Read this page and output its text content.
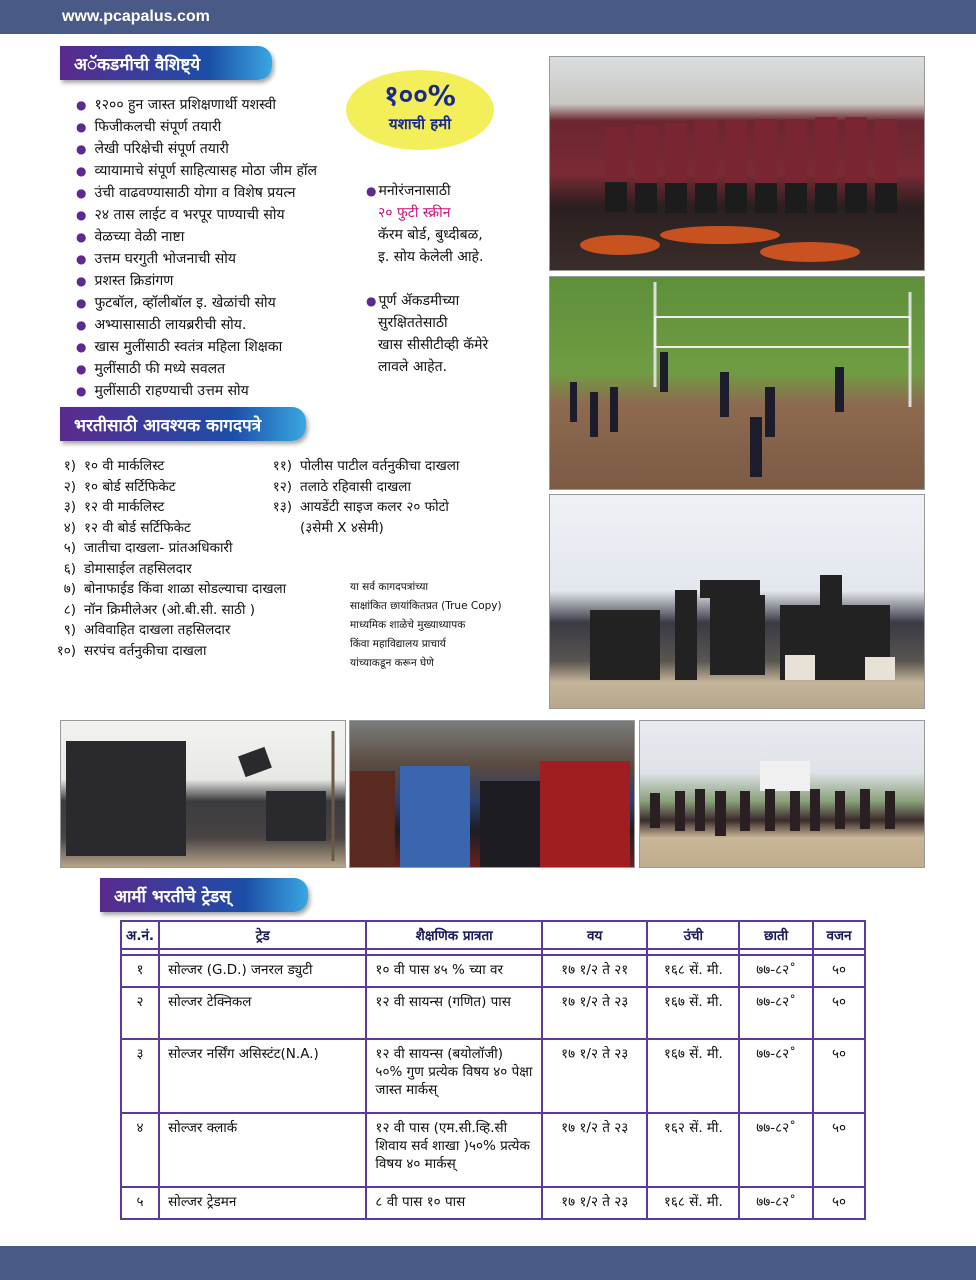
www.pcapalus.com
अॅकडमीची वैशिष्ट्ये
● १२०० हुन जास्त प्रशिक्षणार्थी यशस्वी
● फिजीकलची संपूर्ण तयारी
● लेखी परिक्षेची संपूर्ण तयारी
● व्यायामाचे संपूर्ण साहित्यासह मोठा जीम हॉल
● उंची वाढवण्यासाठी योगा व विशेष प्रयत्न
● २४ तास लाईट व भरपूर पाण्याची सोय
● वेळच्या वेळी नाष्टा
● उत्तम घरगुती भोजनाची सोय
● प्रशस्त क्रिडांगण
● फुटबॉल, व्हॉलीबॉल इ. खेळांची सोय
● अभ्यासासाठी लायब्ररीची सोय.
● खास मुलींसाठी स्वतंत्र महिला शिक्षका
● मुलींसाठी फी मध्ये सवलत
● मुलींसाठी राहण्याची उत्तम सोय
१००%
यशाची हमी
● मनोरंजनासाठी
२० फुटी स्क्रीन
कॅरम बोर्ड, बुध्दीबळ,
इ. सोय केलेली आहे.
● पूर्ण ॲकडमीच्या
सुरक्षिततेसाठी
खास सीसीटीव्ही कॅमेरे
लावले आहेत.
भरतीसाठी आवश्यक कागदपत्रे
१) १० वी मार्कलिस्ट
२) १० बोर्ड सर्टिफिकेट
३) १२ वी मार्कलिस्ट
४) १२ वी बोर्ड सर्टिफिकेट
५) जातीचा दाखला- प्रांतअधिकारी
६) डोमासाईल तहसिलदार
७) बोनाफाईड किंवा शाळा सोडल्याचा दाखला
८) नॉन क्रिमीलेअर (ओ.बी.सी. साठी )
९) अविवाहित दाखला तहसिलदार
१०) सरपंच वर्तनुकीचा दाखला
११) पोलीस पाटील वर्तनुकीचा दाखला
१२) तलाठे रहिवासी दाखला
१३) आयडेंटी साइज कलर २० फोटो
(३सेमी X ४सेमी)
या सर्व कागदपत्रांच्या
साक्षांकित छायांकितप्रत (True Copy)
माध्यमिक शाळेचे मुख्याध्यापक
किंवा महाविद्यालय प्राचार्य
यांच्याकडून करून घेणे
आर्मी भरतीचे ट्रेडस्
अ.नं.	ट्रेड	शैक्षणिक प्रात्रता	वय	उंची	छाती	वजन

१	सोल्जर (G.D.) जनरल ड्युटी	१० वी पास ४५ % च्या वर	१७ १/२ ते २१	१६८ सें. मी.	७७-८२˚	५०
२	सोल्जर टेक्निकल	१२ वी सायन्स (गणित) पास	१७ १/२ ते २३	१६७ सें. मी.	७७-८२˚	५०
३	सोल्जर नर्सिंग असिस्टंट(N.A.)	१२ वी सायन्स (बयोलॉजी) ५०% गुण प्रत्येक विषय ४० पेक्षा जास्त मार्कस्	१७ १/२ ते २३	१६७ सें. मी.	७७-८२˚	५०
४	सोल्जर क्लार्क	१२ वी पास (एम.सी.व्हि.सी शिवाय सर्व शाखा )५०% प्रत्येक विषय ४० मार्कस्	१७ १/२ ते २३	१६२ सें. मी.	७७-८२˚	५०
५	सोल्जर ट्रेडमन	८ वी पास १० पास	१७ १/२ ते २३	१६८ सें. मी.	७७-८२˚	५०
